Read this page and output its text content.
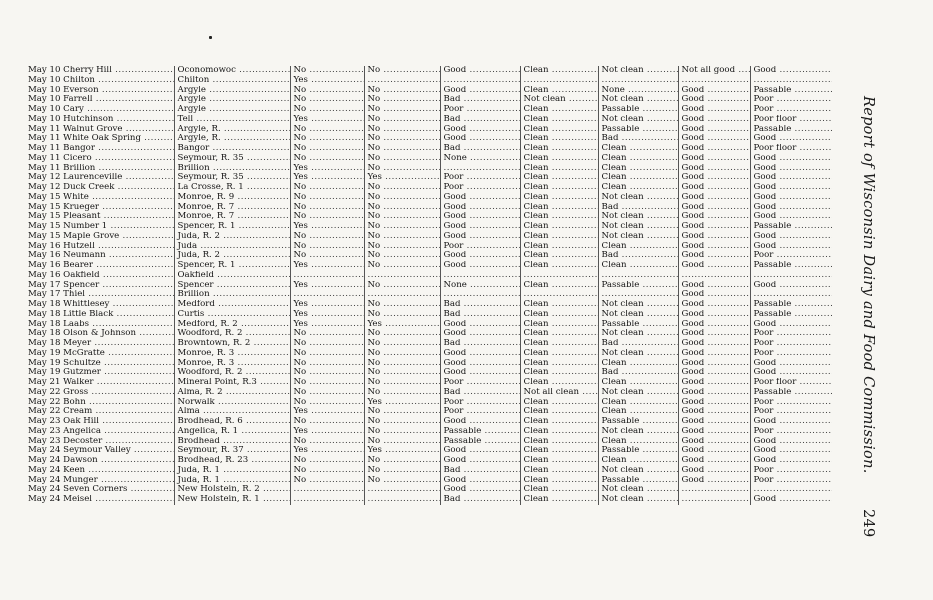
May 10 Cherry Hill .....	Oconomowoc .....	No .....	No .....	Good .....	Clean .....	Not clean .....	Not all good .....	Good .....
May 10 Chilton .....	Chilton .....	Yes .....	.....	.....	.....	.....	.....	.....
May 10 Everson .....	Argyle .....	No .....	No .....	Good .....	Clean .....	None .....	Good .....	Passable .....
May 10 Farrell .....	Argyle .....	No .....	No .....	Bad .....	Not clean .....	Not clean .....	Good .....	Poor .....
May 10 Cary .....	Argyle .....	No .....	No .....	Poor .....	Clean .....	Passable .....	Good .....	Poor .....
May 10 Hutchinson .....	Tell .....	Yes .....	No .....	Bad .....	Clean .....	Not clean .....	Good .....	Poor floor .....
May 11 Walnut Grove .....	Argyle, R. .....	No .....	No .....	Good .....	Clean .....	Passable .....	Good .....	Passable .....
May 11 White Oak Spring .....	Argyle, R. .....	No .....	No .....	Good .....	Clean .....	Bad .....	Good .....	Good .....
May 11 Bangor .....	Bangor .....	No .....	No .....	Bad .....	Clean .....	Clean .....	Good .....	Poor floor .....
May 11 Cicero .....	Seymour, R. 35 .....	No .....	No .....	None .....	Clean .....	Clean .....	Good .....	Good .....
May 11 Brillion .....	Brillion .....	Yes .....	No .....	.....	Clean .....	Clean .....	Good .....	Good .....
May 12 Laurenceville .....	Seymour, R. 35 .....	Yes .....	Yes .....	Poor .....	Clean .....	Clean .....	Good .....	Good .....
May 12 Duck Creek .....	La Crosse, R. 1 .....	No .....	No .....	Poor .....	Clean .....	Clean .....	Good .....	Good .....
May 15 White .....	Monroe, R. 9 .....	No .....	No .....	Good .....	Clean .....	Not clean .....	Good .....	Good .....
May 15 Krueger .....	Monroe, R. 7 .....	No .....	No .....	Good .....	Clean .....	Bad .....	Good .....	Good .....
May 15 Pleasant .....	Monroe, R. 7 .....	No .....	No .....	Good .....	Clean .....	Not clean .....	Good .....	Good .....
May 15 Number 1 .....	Spencer, R. 1 .....	Yes .....	No .....	Good .....	Clean .....	Not clean .....	Good .....	Passable .....
May 15 Maple Grove .....	Juda, R. 2 .....	No .....	No .....	Good .....	Clean .....	Not clean .....	Good .....	Good .....
May 16 Hutzell .....	Juda .....	No .....	No .....	Poor .....	Clean .....	Clean .....	Good .....	Good .....
May 16 Neumann .....	Juda, R. 2 .....	No .....	No .....	Good .....	Clean .....	Bad .....	Good .....	Poor .....
May 16 Bearer .....	Spencer, R. 1 .....	Yes .....	No .....	Good .....	Clean .....	Clean .....	Good .....	Passable .....
May 16 Oakfield .....	Oakfield .....	.....	.....	.....	.....	.....	.....	.....
May 17 Spencer .....	Spencer .....	Yes .....	No .....	None .....	Clean .....	Passable .....	Good .....	Good .....
May 17 Thiel .....	Brillion .....	.....	.....	.....	.....	.....	Good .....	.....
May 18 Whittlesey .....	Medford .....	Yes .....	No .....	Bad .....	Clean .....	Not clean .....	Good .....	Passable .....
May 18 Little Black .....	Curtis .....	Yes .....	No .....	Bad .....	Clean .....	Not clean .....	Good .....	Passable .....
May 18 Laabs .....	Medford, R. 2 .....	Yes .....	Yes .....	Good .....	Clean .....	Passable .....	Good .....	Good .....
May 18 Olson & Johnson .....	Woodford, R. 2 .....	No .....	No .....	Good .....	Clean .....	Not clean .....	Good .....	Poor .....
May 18 Meyer .....	Browntown, R. 2 .....	No .....	No .....	Bad .....	Clean .....	Bad .....	Good .....	Poor .....
May 19 McGratte .....	Monroe, R. 3 .....	No .....	No .....	Good .....	Clean .....	Not clean .....	Good .....	Poor .....
May 19 Schultze .....	Monroe, R. 3 .....	No .....	No .....	Good .....	Clean .....	Clean .....	Good .....	Good .....
May 19 Gutzmer .....	Woodford, R. 2 .....	No .....	No .....	Good .....	Clean .....	Bad .....	Good .....	Good .....
May 21 Walker .....	Mineral Point, R.3 .....	No .....	No .....	Poor .....	Clean .....	Clean .....	Good .....	Poor floor .....
May 22 Gross .....	Alma, R. 2 .....	No .....	No .....	Bad .....	Not all clean .....	Not clean .....	Good .....	Passable .....
May 22 Bohn .....	Norwalk .....	No .....	Yes .....	Poor .....	Clean .....	Clean .....	Good .....	Poor .....
May 22 Cream .....	Alma .....	Yes .....	No .....	Poor .....	Clean .....	Clean .....	Good .....	Poor .....
May 23 Oak Hill .....	Brodhead, R. 6 .....	No .....	No .....	Good .....	Clean .....	Passable .....	Good .....	Good .....
May 23 Angelica .....	Angelica, R. 1 .....	Yes .....	No .....	Passable .....	Clean .....	Not clean .....	Good .....	Poor .....
May 23 Decoster .....	Brodhead .....	No .....	No .....	Passable .....	Clean .....	Clean .....	Good .....	Good .....
May 24 Seymour Valley .....	Seymour, R. 37 .....	Yes .....	Yes .....	Good .....	Clean .....	Passable .....	Good .....	Good .....
May 24 Dawson .....	Brodhead, R. 23 .....	No .....	No .....	Good .....	Clean .....	Clean .....	Good .....	Good .....
May 24 Keen .....	Juda, R. 1 .....	No .....	No .....	Bad .....	Clean .....	Not clean .....	Good .....	Poor .....
May 24 Munger .....	Juda, R. 1 .....	No .....	No .....	Good .....	Clean .....	Passable .....	Good .....	Poor .....
May 24 Seven Corners .....	New Holstein, R. 2 .....	.....	.....	Good .....	Clean .....	Not clean .....	.....	.....
May 24 Meisel .....	New Holstein, R. 1 .....	.....	.....	Bad .....	Clean .....	Not clean .....	.....	Good .....
Report of Wisconsin Dairy and Food Commission. 249
